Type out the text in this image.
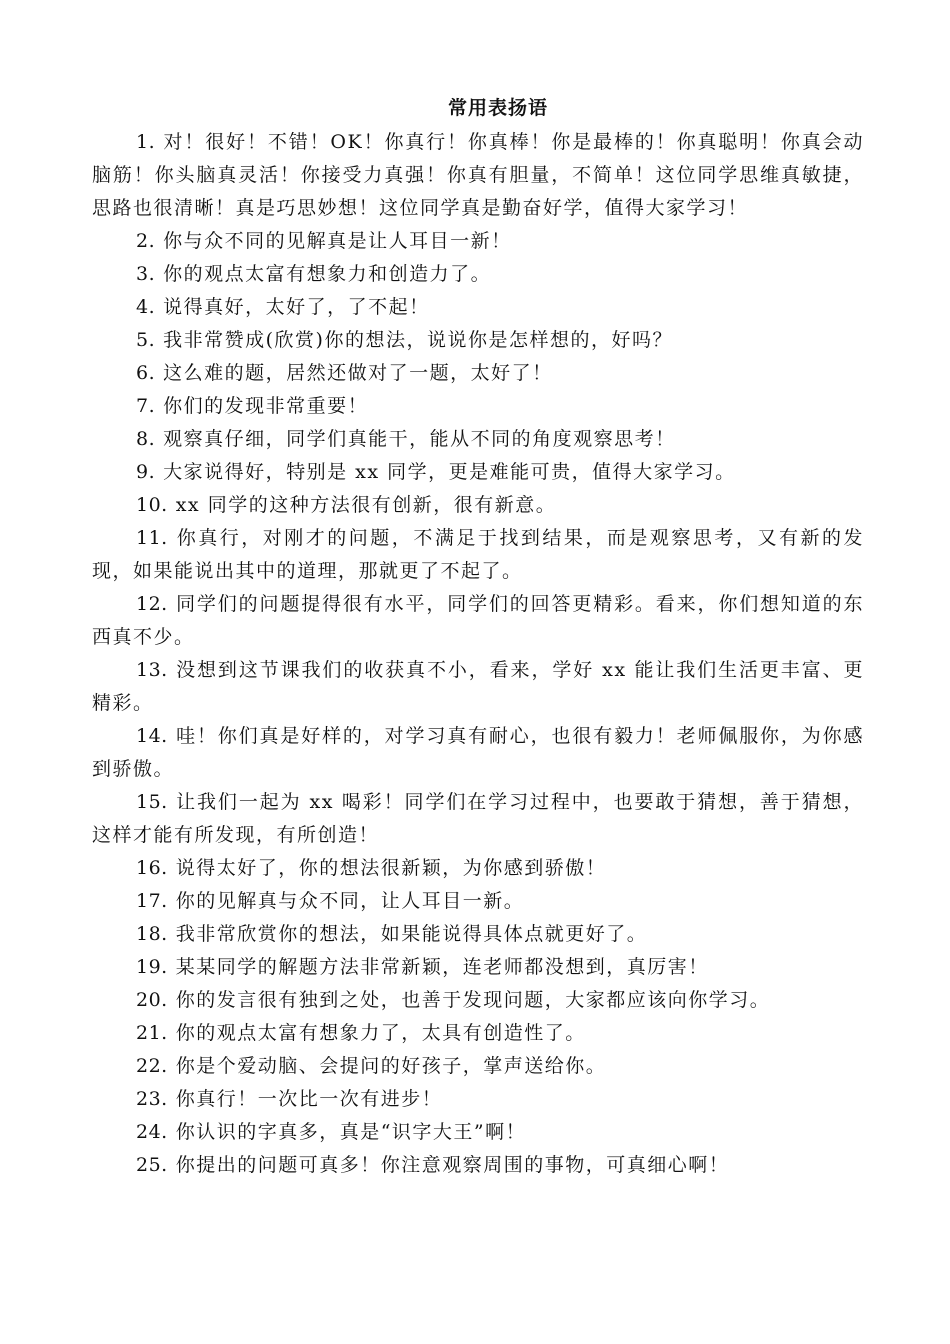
常用表扬语

1. 对！很好！不错！OK！你真行！你真棒！你是最棒的！你真聪明！你真会动脑筋！你头脑真灵活！你接受力真强！你真有胆量，不简单！这位同学思维真敏捷，思路也很清晰！真是巧思妙想！这位同学真是勤奋好学，值得大家学习！

2. 你与众不同的见解真是让人耳目一新！

3. 你的观点太富有想象力和创造力了。

4. 说得真好，太好了，了不起！

5. 我非常赞成(欣赏)你的想法，说说你是怎样想的，好吗？

6. 这么难的题，居然还做对了一题，太好了！

7. 你们的发现非常重要！

8. 观察真仔细，同学们真能干，能从不同的角度观察思考！

9. 大家说得好，特别是 xx 同学，更是难能可贵，值得大家学习。

10. xx 同学的这种方法很有创新，很有新意。

11. 你真行，对刚才的问题，不满足于找到结果，而是观察思考，又有新的发现，如果能说出其中的道理，那就更了不起了。

12. 同学们的问题提得很有水平，同学们的回答更精彩。看来，你们想知道的东西真不少。

13. 没想到这节课我们的收获真不小，看来，学好 xx 能让我们生活更丰富、更精彩。

14. 哇！你们真是好样的，对学习真有耐心，也很有毅力！老师佩服你，为你感到骄傲。

15. 让我们一起为 xx 喝彩！同学们在学习过程中，也要敢于猜想，善于猜想，这样才能有所发现，有所创造！

16. 说得太好了，你的想法很新颖，为你感到骄傲！

17. 你的见解真与众不同，让人耳目一新。

18. 我非常欣赏你的想法，如果能说得具体点就更好了。

19. 某某同学的解题方法非常新颖，连老师都没想到，真厉害！

20. 你的发言很有独到之处，也善于发现问题，大家都应该向你学习。

21. 你的观点太富有想象力了，太具有创造性了。

22. 你是个爱动脑、会提问的好孩子，掌声送给你。

23. 你真行！一次比一次有进步！

24. 你认识的字真多，真是“识字大王”啊！

25. 你提出的问题可真多！你注意观察周围的事物，可真细心啊！
